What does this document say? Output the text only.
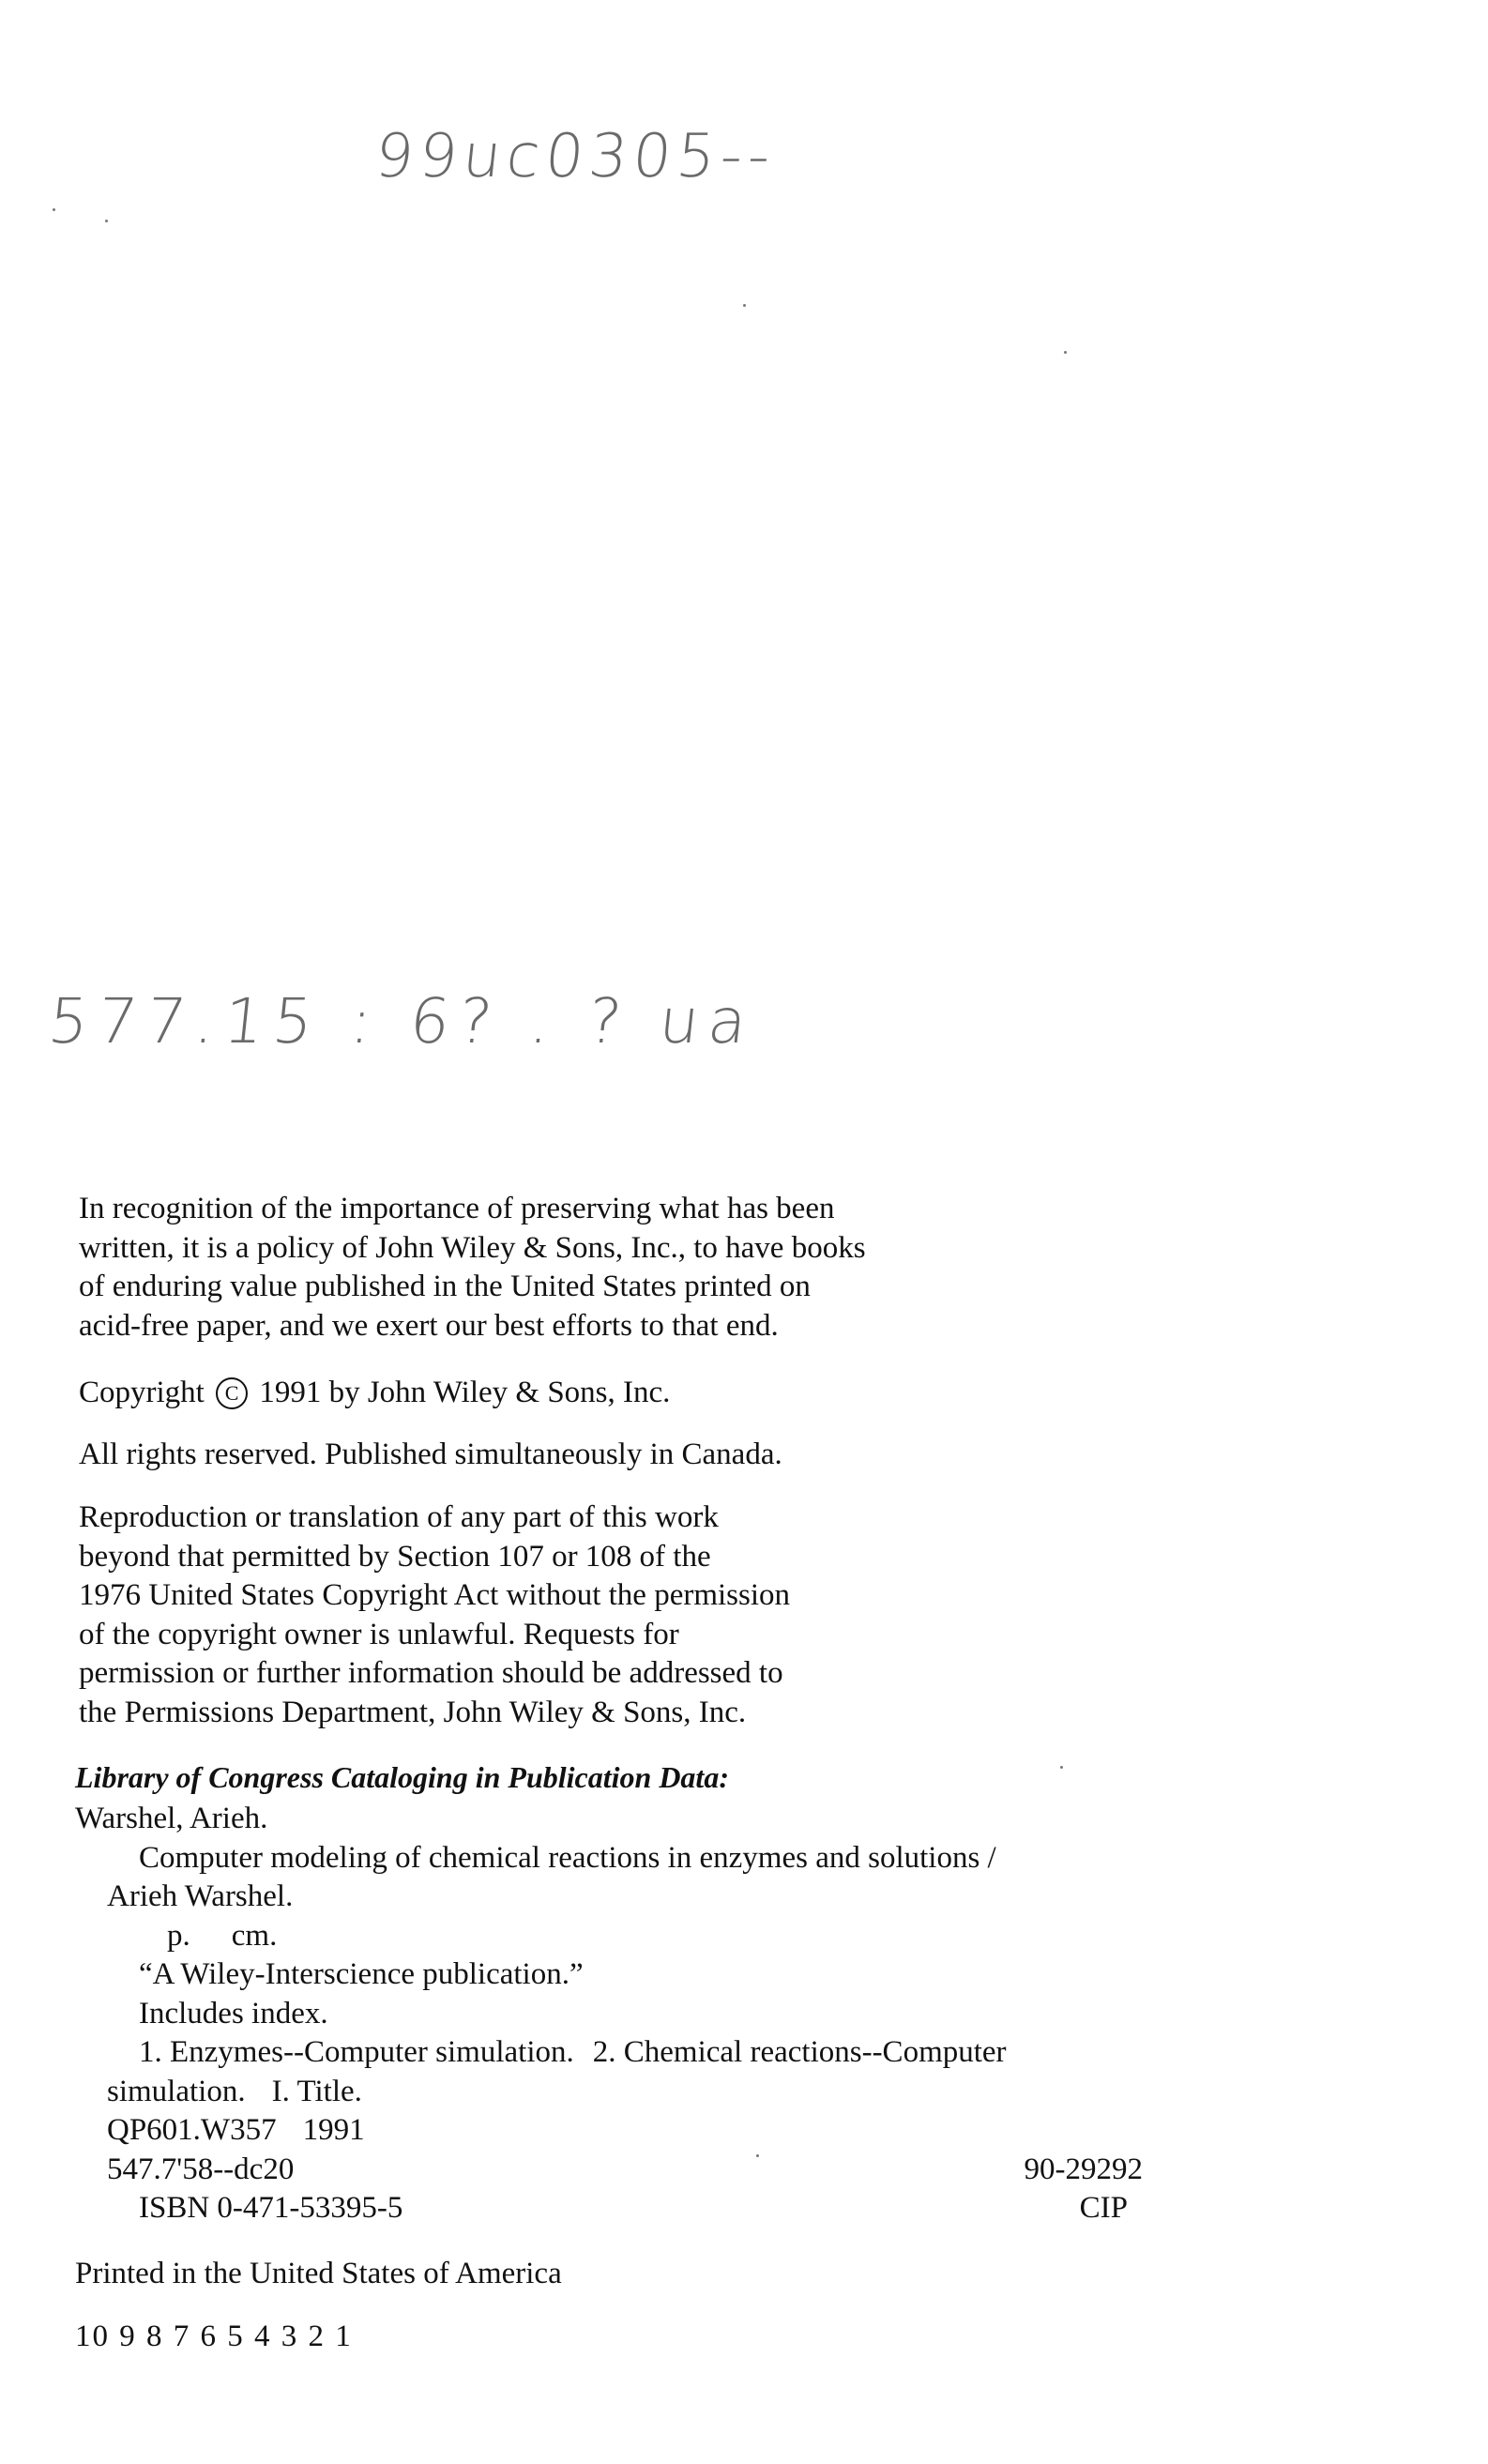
99uc0305--
577.15 : 6? . ? ua

In recognition of the importance of preserving what has been

written, it is a policy of John Wiley & Sons, Inc., to have books

of enduring value published in the United States printed on

acid-free paper, and we exert our best efforts to that end.

Copyright C 1991 by John Wiley & Sons, Inc.
All rights reserved. Published simultaneously in Canada.

Reproduction or translation of any part of this work

beyond that permitted by Section 107 or 108 of the

1976 United States Copyright Act without the permission

of the copyright owner is unlawful. Requests for

permission or further information should be addressed to

the Permissions Department, John Wiley & Sons, Inc.

Library of Congress Cataloging in Publication Data:
Warshel, Arieh.
Computer modeling of chemical reactions in enzymes and solutions /
Arieh Warshel.
p. cm.
“A Wiley-Interscience publication.”
Includes index.
1. Enzymes--Computer simulation. 2. Chemical reactions--Computer
simulation. I. Title.
QP601.W357 1991
547.7'58--dc20	90-29292
ISBN 0-471-53395-5	CIP
Printed in the United States of America
10 9 8 7 6 5 4 3 2 1
